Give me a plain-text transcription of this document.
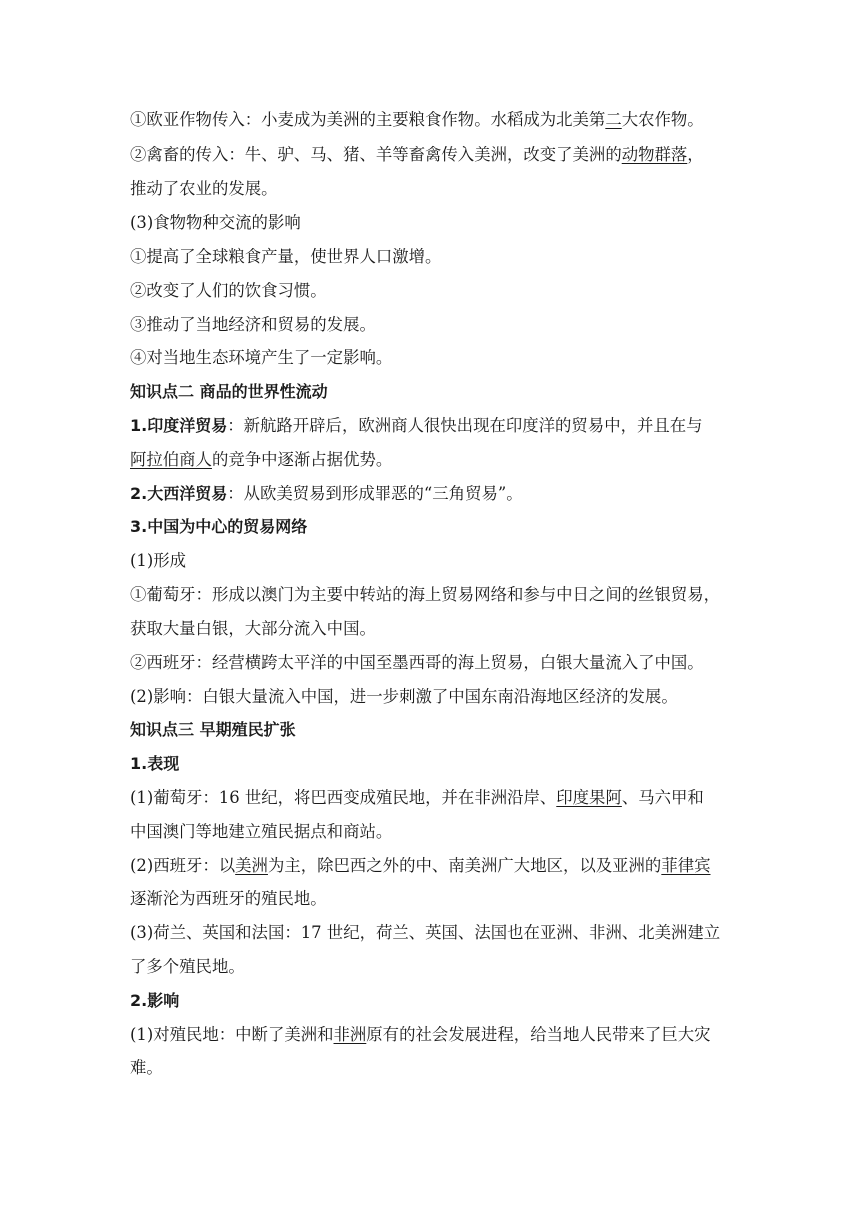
①欧亚作物传入：小麦成为美洲的主要粮食作物。水稻成为北美第二大农作物。
②禽畜的传入：牛、驴、马、猪、羊等畜禽传入美洲，改变了美洲的动物群落，
推动了农业的发展。
(3)食物物种交流的影响
①提高了全球粮食产量，使世界人口激增。
②改变了人们的饮食习惯。
③推动了当地经济和贸易的发展。
④对当地生态环境产生了一定影响。
知识点二 商品的世界性流动
1.印度洋贸易：新航路开辟后，欧洲商人很快出现在印度洋的贸易中，并且在与
阿拉伯商人的竞争中逐渐占据优势。
2.大西洋贸易：从欧美贸易到形成罪恶的“三角贸易”。
3.中国为中心的贸易网络
(1)形成
①葡萄牙：形成以澳门为主要中转站的海上贸易网络和参与中日之间的丝银贸易，
获取大量白银，大部分流入中国。
②西班牙：经营横跨太平洋的中国至墨西哥的海上贸易，白银大量流入了中国。
(2)影响：白银大量流入中国，进一步刺激了中国东南沿海地区经济的发展。
知识点三 早期殖民扩张
1.表现
(1)葡萄牙：16 世纪，将巴西变成殖民地，并在非洲沿岸、印度果阿、马六甲和
中国澳门等地建立殖民据点和商站。
(2)西班牙：以美洲为主，除巴西之外的中、南美洲广大地区，以及亚洲的菲律宾
逐渐沦为西班牙的殖民地。
(3)荷兰、英国和法国：17 世纪，荷兰、英国、法国也在亚洲、非洲、北美洲建立
了多个殖民地。
2.影响
(1)对殖民地：中断了美洲和非洲原有的社会发展进程，给当地人民带来了巨大灾
难。
